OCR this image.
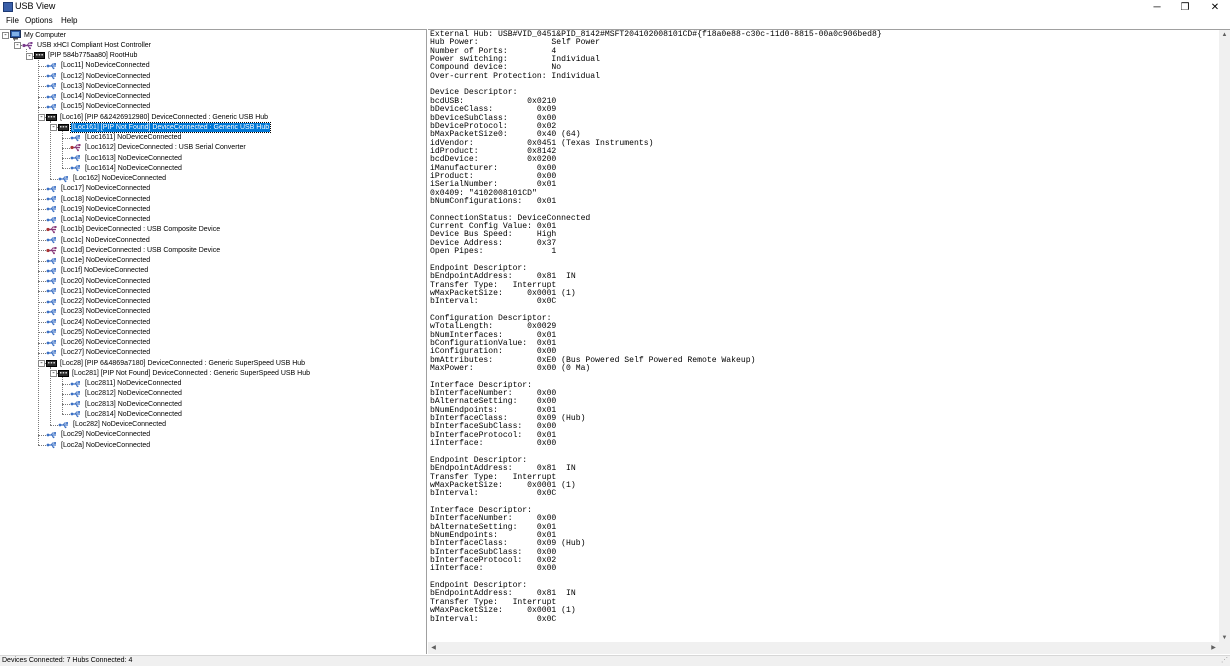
USB View	─	❐	✕
File Options Help
- My Computer
- USB xHCI Compliant Host Controller
- [PIP 584b775aa80] RootHub
[Loc11] NoDeviceConnected
[Loc12] NoDeviceConnected
[Loc13] NoDeviceConnected
[Loc14] NoDeviceConnected
[Loc15] NoDeviceConnected
- [Loc16] [PIP 6&2426912980] DeviceConnected : Generic USB Hub
- [Loc161] [PIP Not Found] DeviceConnected : Generic USB Hub
[Loc1611] NoDeviceConnected
[Loc1612] DeviceConnected : USB Serial Converter
[Loc1613] NoDeviceConnected
[Loc1614] NoDeviceConnected
[Loc162] NoDeviceConnected
[Loc17] NoDeviceConnected
[Loc18] NoDeviceConnected
[Loc19] NoDeviceConnected
[Loc1a] NoDeviceConnected
[Loc1b] DeviceConnected : USB Composite Device
[Loc1c] NoDeviceConnected
[Loc1d] DeviceConnected : USB Composite Device
[Loc1e] NoDeviceConnected
[Loc1f] NoDeviceConnected
[Loc20] NoDeviceConnected
[Loc21] NoDeviceConnected
[Loc22] NoDeviceConnected
[Loc23] NoDeviceConnected
[Loc24] NoDeviceConnected
[Loc25] NoDeviceConnected
[Loc26] NoDeviceConnected
[Loc27] NoDeviceConnected
- [Loc28] [PIP 6&4869a7180] DeviceConnected : Generic SuperSpeed USB Hub
- [Loc281] [PIP Not Found] DeviceConnected : Generic SuperSpeed USB Hub
[Loc2811] NoDeviceConnected
[Loc2812] NoDeviceConnected
[Loc2813] NoDeviceConnected
[Loc2814] NoDeviceConnected
[Loc282] NoDeviceConnected
[Loc29] NoDeviceConnected
[Loc2a] NoDeviceConnected
External Hub: USB#VID_0451&PID_8142#MSFT204102008101CD#{f18a0e88-c30c-11d0-8815-00a0c906bed8}
Hub Power:               Self Power
Number of Ports:         4
Power switching:         Individual
Compound device:         No
Over-current Protection: Individual
Device Descriptor:
bcdUSB:             0x0210
bDeviceClass:         0x09
bDeviceSubClass:      0x00
bDeviceProtocol:      0x02
bMaxPacketSize0:      0x40 (64)
idVendor:           0x0451 (Texas Instruments)
idProduct:          0x8142
bcdDevice:          0x0200
iManufacturer:        0x00
iProduct:             0x00
iSerialNumber:        0x01
0x0409: "4102008101CD"
bNumConfigurations:   0x01
ConnectionStatus: DeviceConnected
Current Config Value: 0x01
Device Bus Speed:     High
Device Address:       0x37
Open Pipes:              1
Endpoint Descriptor:
bEndpointAddress:     0x81  IN
Transfer Type:   Interrupt
wMaxPacketSize:     0x0001 (1)
bInterval:            0x0C
Configuration Descriptor:
wTotalLength:       0x0029
bNumInterfaces:       0x01
bConfigurationValue:  0x01
iConfiguration:       0x00
bmAttributes:         0xE0 (Bus Powered Self Powered Remote Wakeup)
MaxPower:             0x00 (0 Ma)
Interface Descriptor:
bInterfaceNumber:     0x00
bAlternateSetting:    0x00
bNumEndpoints:        0x01
bInterfaceClass:      0x09 (Hub)
bInterfaceSubClass:   0x00
bInterfaceProtocol:   0x01
iInterface:           0x00
Endpoint Descriptor:
bEndpointAddress:     0x81  IN
Transfer Type:   Interrupt
wMaxPacketSize:     0x0001 (1)
bInterval:            0x0C
Interface Descriptor:
bInterfaceNumber:     0x00
bAlternateSetting:    0x01
bNumEndpoints:        0x01
bInterfaceClass:      0x09 (Hub)
bInterfaceSubClass:   0x00
bInterfaceProtocol:   0x02
iInterface:           0x00
Endpoint Descriptor:
bEndpointAddress:     0x81  IN
Transfer Type:   Interrupt
wMaxPacketSize:     0x0001 (1)
bInterval:            0x0C
▲
▼
◀	▶
Devices Connected: 7 Hubs Connected: 4	⋰
